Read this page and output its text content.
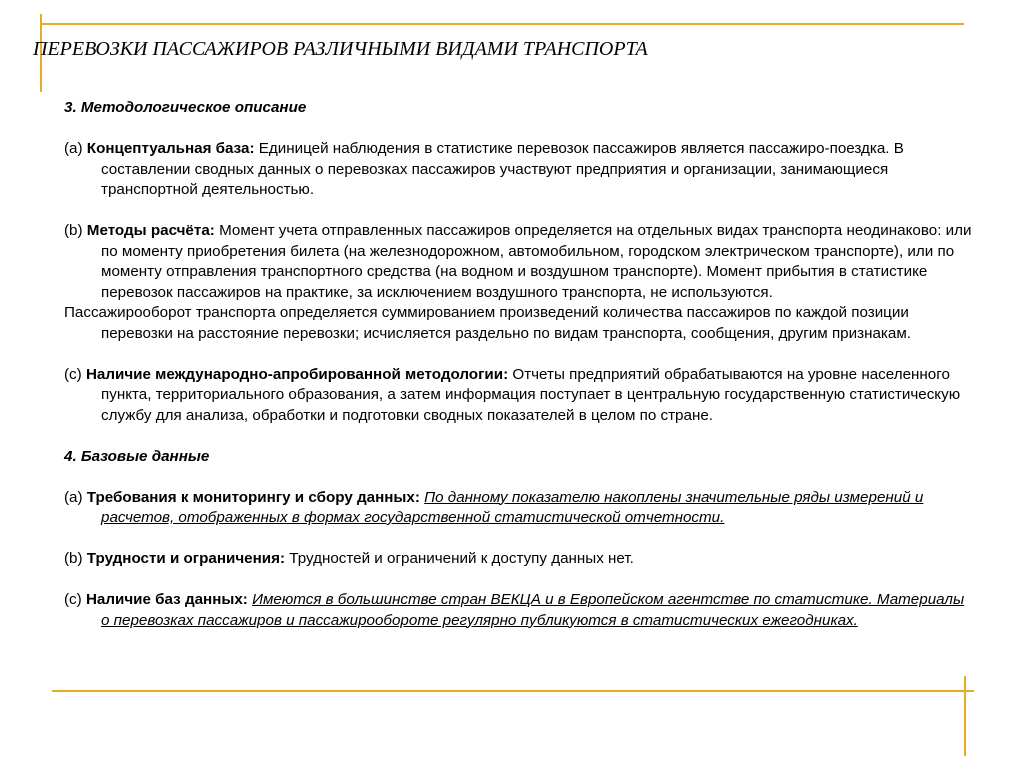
ПЕРЕВОЗКИ ПАССАЖИРОВ РАЗЛИЧНЫМИ ВИДАМИ ТРАНСПОРТА

3. Методологическое описание

(a) Концептуальная база: Единицей наблюдения в статистике перевозок пассажиров является пассажиро-поездка. В составлении сводных данных о перевозках пассажиров участвуют предприятия и организации, занимающиеся транспортной деятельностью.

(b) Методы расчёта: Момент учета отправленных пассажиров определяется на отдельных видах транспорта неодинаково: или по моменту приобретения билета (на железнодорожном, автомобильном, городском электрическом транспорте), или по моменту отправления транспортного средства (на водном и воздушном транспорте). Момент прибытия в статистике перевозок пассажиров на практике, за исключением воздушного транспорта, не используются.

Пассажирооборот транспорта определяется суммированием произведений количества пассажиров по каждой позиции перевозки на расстояние перевозки; исчисляется раздельно по видам транспорта, сообщения, другим признакам.

(c) Наличие международно-апробированной методологии: Отчеты предприятий обрабатываются на уровне населенного пункта, территориального образования, а затем информация поступает в центральную государственную статистическую службу для анализа, обработки и подготовки сводных показателей в целом по стране.

4. Базовые данные

(a) Требования к мониторингу и сбору данных: По данному показателю накоплены значительные ряды измерений и расчетов, отображенных в формах государственной статистической отчетности.

(b) Трудности и ограничения: Трудностей и ограничений к доступу данных нет.

(c) Наличие баз данных: Имеются в большинстве стран ВЕКЦА и в Европейском агентстве по статистике. Материалы о перевозках пассажиров и пассажирообороте регулярно публикуются в статистических ежегодниках.
